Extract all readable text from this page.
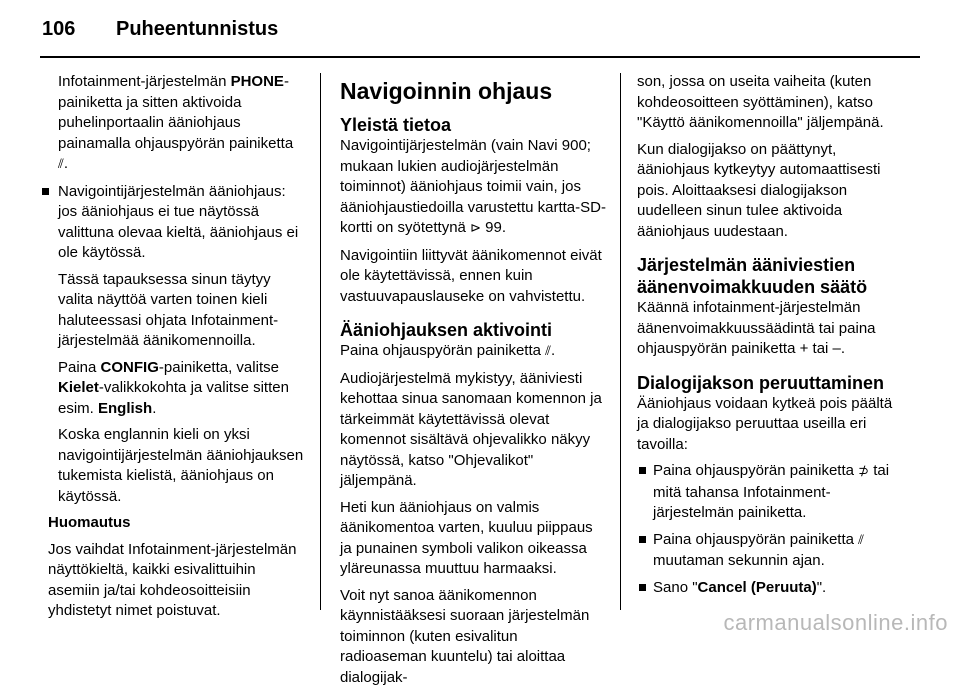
106 Puheentunnistus

Infotainment-järjestelmän PHONE-painiketta ja sitten aktivoida puhelinportaalin ääniohjaus painamalla ohjauspyörän painiketta ⫽.

Navigointijärjestelmän ääniohjaus: jos ääniohjaus ei tue näytössä valittuna olevaa kieltä, ääniohjaus ei ole käytössä.

Tässä tapauksessa sinun täytyy valita näyttöä varten toinen kieli haluteessasi ohjata Infotainment-järjestelmää äänikomennoilla.

Paina CONFIG-painiketta, valitse Kielet-valikkokohta ja valitse sitten esim. English.

Koska englannin kieli on yksi navigointijärjestelmän ääniohjauksen tukemista kielistä, ääniohjaus on käytössä.

Huomautus

Jos vaihdat Infotainment-järjestelmän näyttökieltä, kaikki esivalittuihin asemiin ja/tai kohdeosoitteisiin yhdistetyt nimet poistuvat.

Navigoinnin ohjaus
Yleistä tietoa

Navigointijärjestelmän (vain Navi 900; mukaan lukien audiojärjestelmän toiminnot) ääniohjaus toimii vain, jos ääniohjaustiedoilla varustettu kartta-SD-kortti on syötettynä ⊳ 99.

Navigointiin liittyvät äänikomennot eivät ole käytettävissä, ennen kuin vastuuvapauslauseke on vahvistettu.

Ääniohjauksen aktivointi

Paina ohjauspyörän painiketta ⫽.

Audiojärjestelmä mykistyy, ääniviesti kehottaa sinua sanomaan komennon ja tärkeimmät käytettävissä olevat komennot sisältävä ohjevalikko näkyy näytössä, katso "Ohjevalikot" jäljempänä.

Heti kun ääniohjaus on valmis äänikomentoa varten, kuuluu piippaus ja punainen symboli valikon oikeassa yläreunassa muuttuu harmaaksi.

Voit nyt sanoa äänikomennon käynnistääksesi suoraan järjestelmän toiminnon (kuten esivalitun radioaseman kuuntelu) tai aloittaa dialogijak-

son, jossa on useita vaiheita (kuten kohdeosoitteen syöttäminen), katso "Käyttö äänikomennoilla" jäljempänä.

Kun dialogijakso on päättynyt, ääniohjaus kytkeytyy automaattisesti pois. Aloittaaksesi dialogijakson uudelleen sinun tulee aktivoida ääniohjaus uudestaan.

Järjestelmän ääniviestien äänenvoimakkuuden säätö

Käännä infotainment-järjestelmän äänenvoimakkuussäädintä tai paina ohjauspyörän painiketta + tai –.

Dialogijakson peruuttaminen

Ääniohjaus voidaan kytkeä pois päältä ja dialogijakso peruuttaa useilla eri tavoilla:

Paina ohjauspyörän painiketta ⊅ tai mitä tahansa Infotainment-järjestelmän painiketta.
Paina ohjauspyörän painiketta ⫽ muutaman sekunnin ajan.
Sano "Cancel (Peruuta)".
carmanualsonline.info
